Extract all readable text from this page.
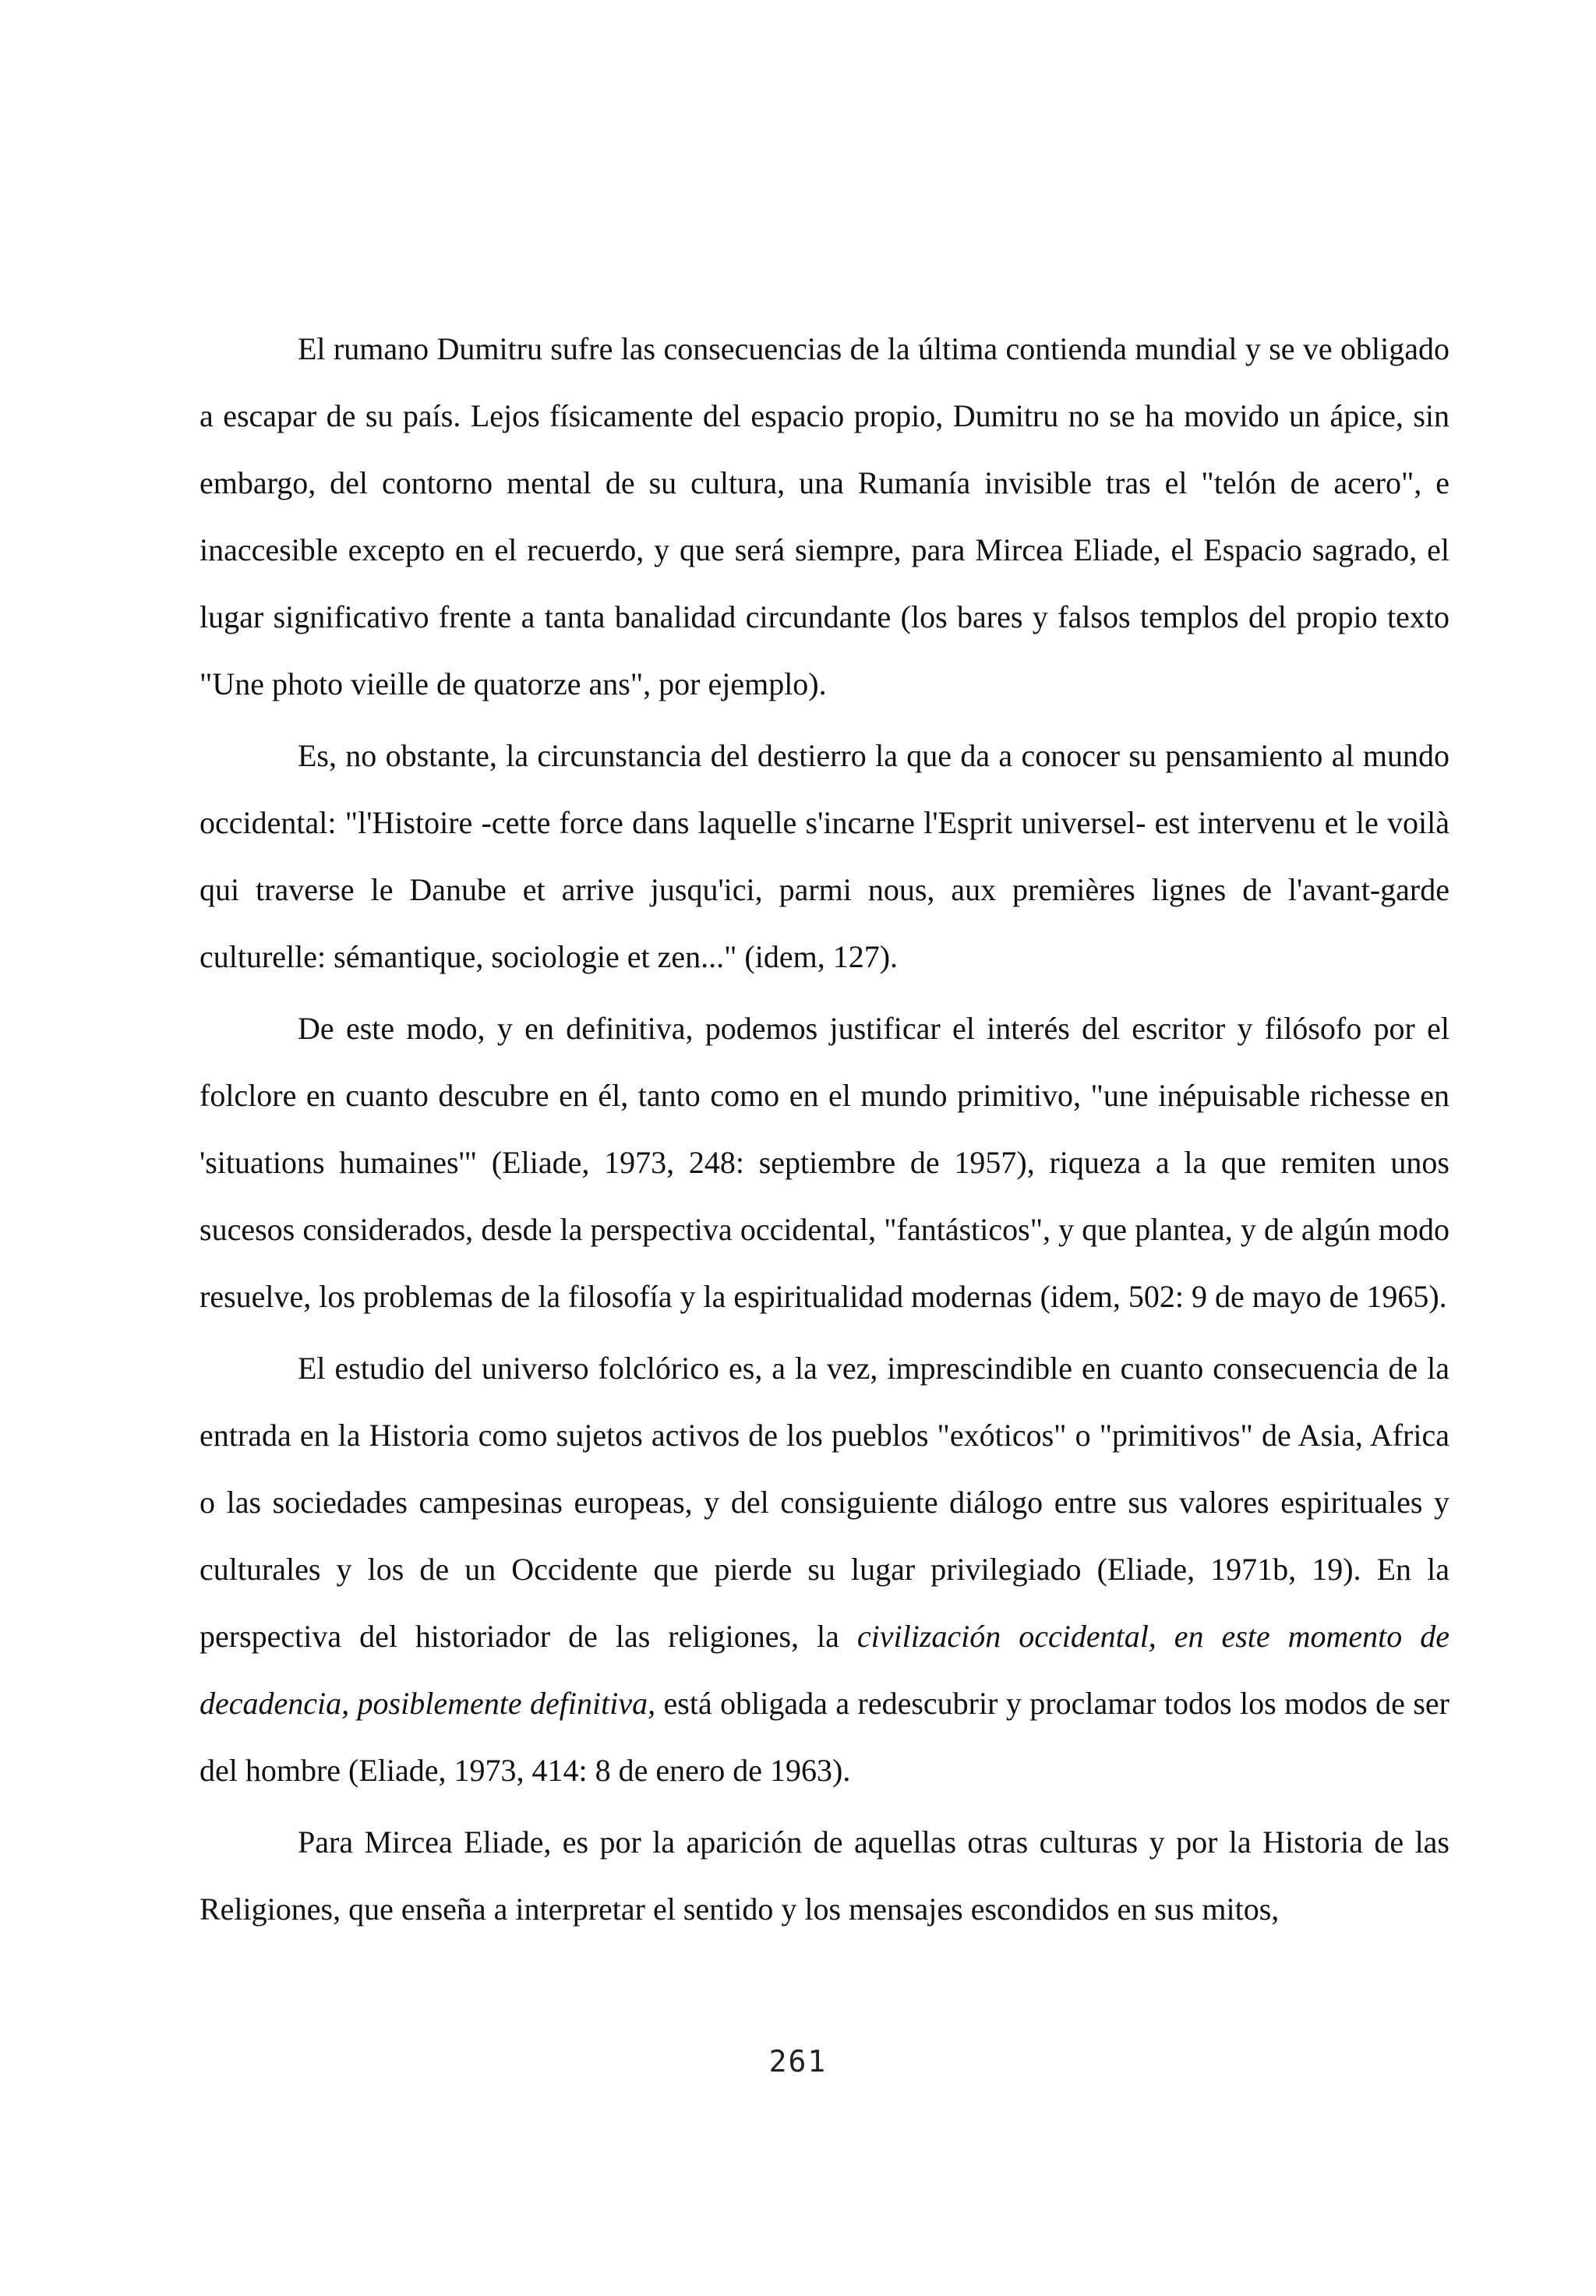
El rumano Dumitru sufre las consecuencias de la última contienda mundial y se ve obligado a escapar de su país. Lejos físicamente del espacio propio, Dumitru no se ha movido un ápice, sin embargo, del contorno mental de su cultura, una Rumanía invisible tras el "telón de acero", e inaccesible excepto en el recuerdo, y que será siempre, para Mircea Eliade, el Espacio sagrado, el lugar significativo frente a tanta banalidad circundante (los bares y falsos templos del propio texto "Une photo vieille de quatorze ans", por ejemplo).

Es, no obstante, la circunstancia del destierro la que da a conocer su pensamiento al mundo occidental: "l'Histoire -cette force dans laquelle s'incarne l'Esprit universel- est intervenu et le voilà qui traverse le Danube et arrive jusqu'ici, parmi nous, aux premières lignes de l'avant-garde culturelle: sémantique, sociologie et zen..." (idem, 127).

De este modo, y en definitiva, podemos justificar el interés del escritor y filósofo por el folclore en cuanto descubre en él, tanto como en el mundo primitivo, "une inépuisable richesse en 'situations humaines'" (Eliade, 1973, 248: septiembre de 1957), riqueza a la que remiten unos sucesos considerados, desde la perspectiva occidental, "fantásticos", y que plantea, y de algún modo resuelve, los problemas de la filosofía y la espiritualidad modernas (idem, 502: 9 de mayo de 1965).

El estudio del universo folclórico es, a la vez, imprescindible en cuanto consecuencia de la entrada en la Historia como sujetos activos de los pueblos "exóticos" o "primitivos" de Asia, Africa o las sociedades campesinas europeas, y del consiguiente diálogo entre sus valores espirituales y culturales y los de un Occidente que pierde su lugar privilegiado (Eliade, 1971b, 19). En la perspectiva del historiador de las religiones, la civilización occidental, en este momento de decadencia, posiblemente definitiva, está obligada a redescubrir y proclamar todos los modos de ser del hombre (Eliade, 1973, 414: 8 de enero de 1963).

Para Mircea Eliade, es por la aparición de aquellas otras culturas y por la Historia de las Religiones, que enseña a interpretar el sentido y los mensajes escondidos en sus mitos,

261
